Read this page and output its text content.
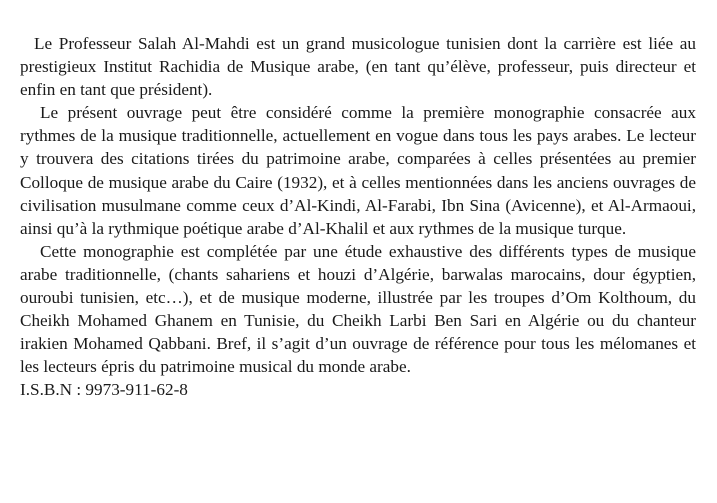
Le Professeur Salah Al-Mahdi est un grand musicologue tunisien dont la carrière est liée au prestigieux Institut Rachidia de Musique arabe, (en tant qu’élève, professeur, puis directeur et enfin en tant que président).

Le présent ouvrage peut être considéré comme la première monographie consacrée aux rythmes de la musique traditionnelle, actuellement en vogue dans tous les pays arabes. Le lecteur y trouvera des citations tirées du patrimoine arabe, comparées à celles présentées au premier Colloque de musique arabe du Caire (1932), et à celles mentionnées dans les anciens ouvrages de civilisation musulmane comme ceux d’Al-Kindi, Al-Farabi, Ibn Sina (Avicenne), et Al-Armaoui, ainsi qu’à la rythmique poétique arabe d’Al-Khalil et aux rythmes de la musique turque.

Cette monographie est complétée par une étude exhaustive des différents types de musique arabe traditionnelle, (chants sahariens et houzi d’Algérie, barwalas marocains, dour égyptien, ouroubi tunisien, etc…), et de musique moderne, illustrée par les troupes d’Om Kolthoum, du Cheikh Mohamed Ghanem en Tunisie, du Cheikh Larbi Ben Sari en Algérie ou du chanteur irakien Mohamed Qabbani. Bref, il s’agit d’un ouvrage de référence pour tous les mélomanes et les lecteurs épris du patrimoine musical du monde arabe.

I.S.B.N : 9973-911-62-8
